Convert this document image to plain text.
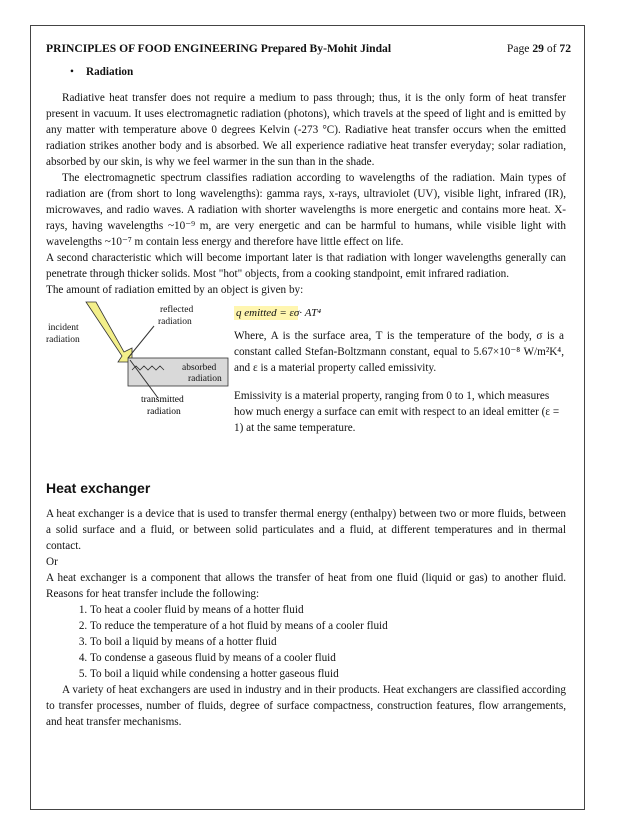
PRINCIPLES OF FOOD ENGINEERING Prepared By-Mohit Jindal	Page 29 of 72
• Radiation

Radiative heat transfer does not require a medium to pass through; thus, it is the only form of heat transfer present in vacuum. It uses electromagnetic radiation (photons), which travels at the speed of light and is emitted by any matter with temperature above 0 degrees Kelvin (-273 °C). Radiative heat transfer occurs when the emitted radiation strikes another body and is absorbed. We all experience radiative heat transfer everyday; solar radiation, absorbed by our skin, is why we feel warmer in the sun than in the shade.

The electromagnetic spectrum classifies radiation according to wavelengths of the radiation. Main types of radiation are (from short to long wavelengths): gamma rays, x-rays, ultraviolet (UV), visible light, infrared (IR), microwaves, and radio waves. A radiation with shorter wavelengths is more energetic and contains more heat. X-rays, having wavelengths ~10⁻⁹ m, are very energetic and can be harmful to humans, while visible light with wavelengths ~10⁻⁷ m contain less energy and therefore have little effect on life.

A second characteristic which will become important later is that radiation with longer wavelengths generally can penetrate through thicker solids. Most "hot" objects, from a cooking standpoint, emit infrared radiation.

The amount of radiation emitted by an object is given by:

incident
radiation
reflected
radiation
absorbed
radiation
q emitted = εσ· AT⁴

Where, A is the surface area, T is the temperature of the body, σ is a constant called Stefan-Boltzmann constant, equal to 5.67×10⁻⁸ W/m²K⁴, and ε is a material property called emissivity.

Emissivity is a material property, ranging from 0 to 1, which measures how much energy a surface can emit with respect to an ideal emitter (ε = 1) at the same temperature.

transmitted
radiation
Heat exchanger

A heat exchanger is a device that is used to transfer thermal energy (enthalpy) between two or more fluids, between a solid surface and a fluid, or between solid particulates and a fluid, at different temperatures and in thermal contact.

Or

A heat exchanger is a component that allows the transfer of heat from one fluid (liquid or gas) to another fluid. Reasons for heat transfer include the following:

1. To heat a cooler fluid by means of a hotter fluid
2. To reduce the temperature of a hot fluid by means of a cooler fluid
3. To boil a liquid by means of a hotter fluid
4. To condense a gaseous fluid by means of a cooler fluid
5. To boil a liquid while condensing a hotter gaseous fluid

A variety of heat exchangers are used in industry and in their products. Heat exchangers are classified according to transfer processes, number of fluids, degree of surface compactness, construction features, flow arrangements, and heat transfer mechanisms.
